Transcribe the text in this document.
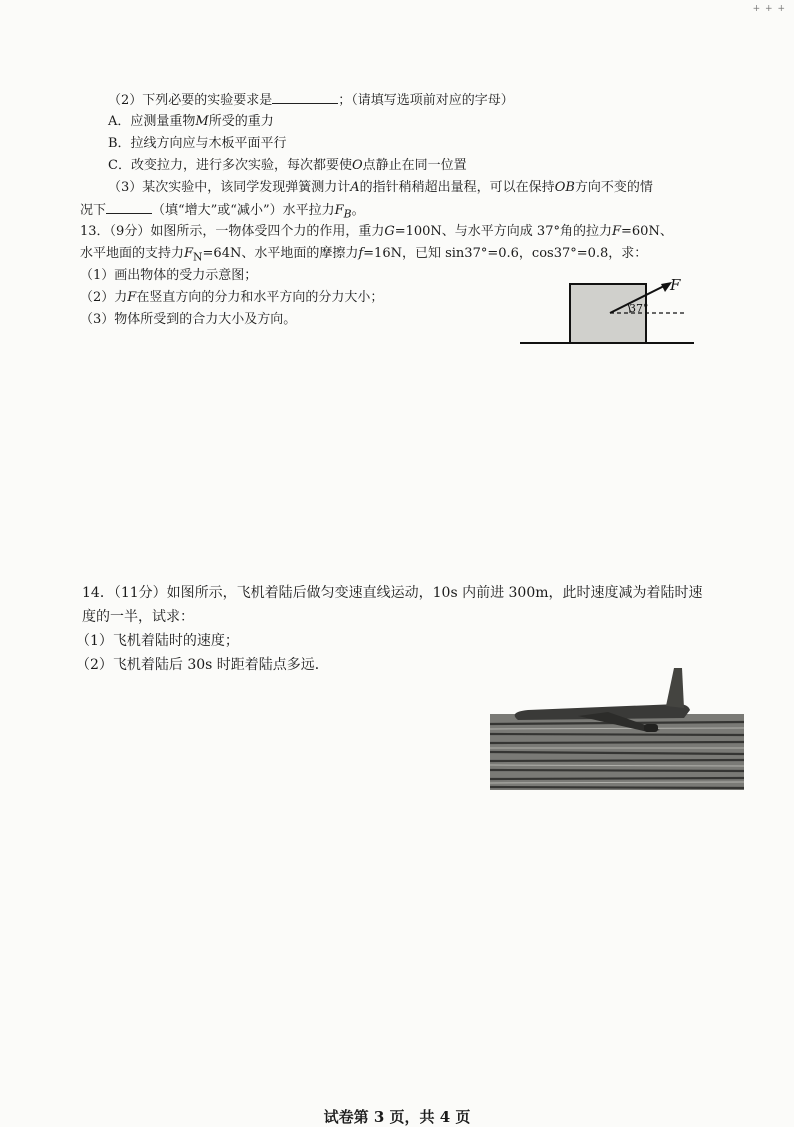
+ + +
（2）下列必要的实验要求是	；（请填写选项前对应的字母）
A．应测量重物M所受的重力
B．拉线方向应与木板平面平行
C．改变拉力，进行多次实验，每次都要使O点静止在同一位置
（3）某次实验中，该同学发现弹簧测力计A的指针稍稍超出量程，可以在保持OB方向不变的情
况下	（填“增大”或“减小”）水平拉力$F_B$。
13．（9分）如图所示，一物体受四个力的作用，重力G=100N、与水平方向成 37°角的拉力F=60N、
水平地面的支持力$F_N=64N$、水平地面的摩擦力f=16N，已知 sin37°=0.6，cos37°=0.8，求：
（1）画出物体的受力示意图；
（2）力F在竖直方向的分力和水平方向的分力大小；
（3）物体所受到的合力大小及方向。
37°
F
14．（11分）如图所示，飞机着陆后做匀变速直线运动，10s 内前进 300m，此时速度减为着陆时速
度的一半，试求：
（1）飞机着陆时的速度；
（2）飞机着陆后 30s 时距着陆点多远．
试卷第 3 页，共 4 页
